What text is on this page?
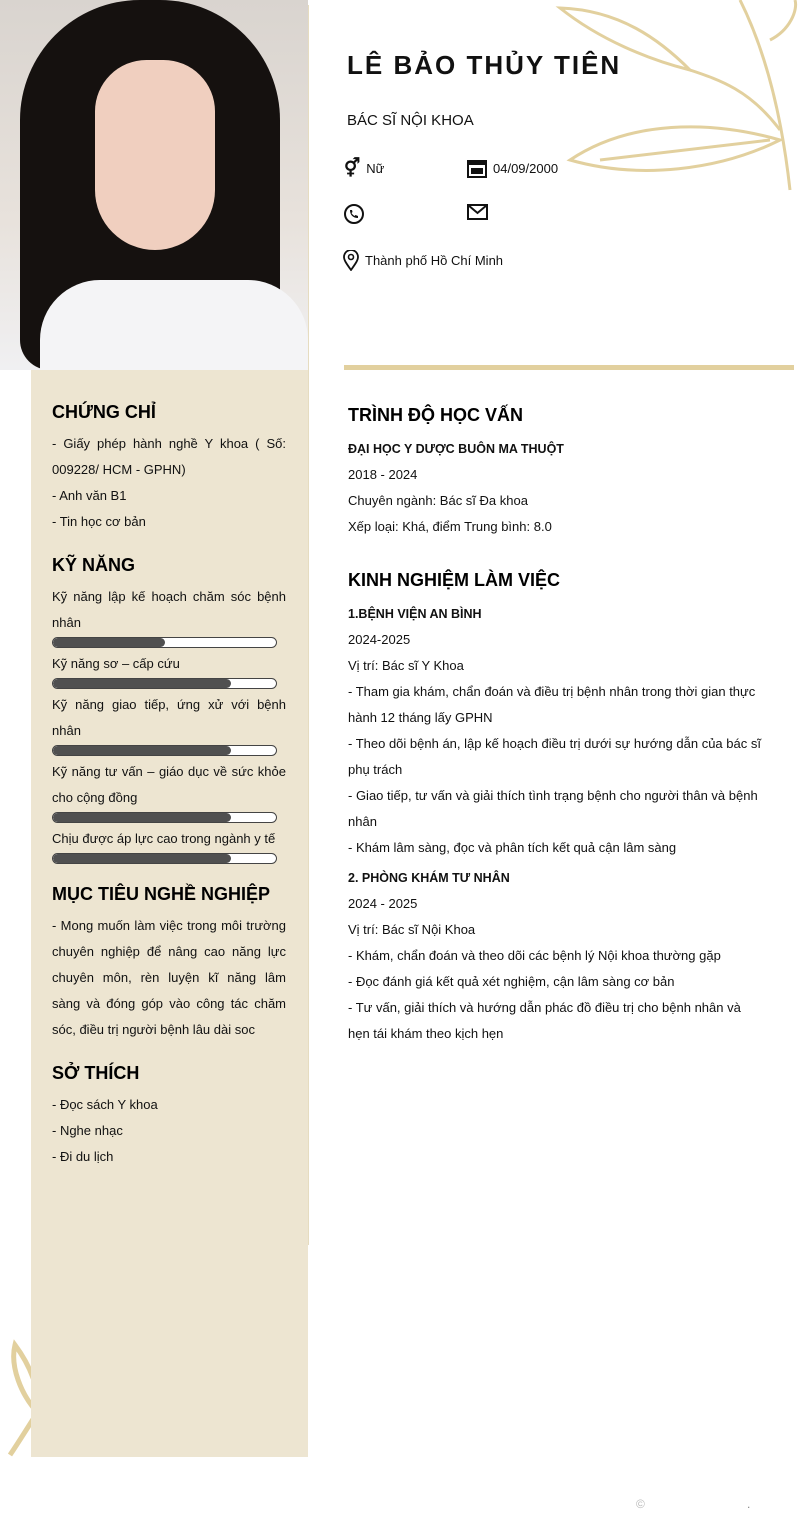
CHỨNG CHỈ
- Giấy phép hành nghề Y khoa ( Số: 009228/ HCM - GPHN)
- Anh văn B1
- Tin học cơ bản
KỸ NĂNG
Kỹ năng lập kế hoạch chăm sóc bệnh nhân
Kỹ năng sơ – cấp cứu
Kỹ năng giao tiếp, ứng xử với bệnh nhân
Kỹ năng tư vấn – giáo dục về sức khỏe cho cộng đồng
Chịu được áp lực cao trong ngành y tế
MỤC TIÊU NGHỀ NGHIỆP
- Mong muốn làm việc trong môi trường chuyên nghiệp để nâng cao năng lực chuyên môn, rèn luyện kĩ năng lâm sàng và đóng góp vào công tác chăm sóc, điều trị người bệnh lâu dài soc
SỞ THÍCH
- Đọc sách Y khoa
- Nghe nhạc
- Đi du lịch
LÊ BẢO THỦY TIÊN
BÁC SĨ NỘI KHOA
⚥ Nữ	04/09/2000
Thành phố Hồ Chí Minh
TRÌNH ĐỘ HỌC VẤN
ĐẠI HỌC Y DƯỢC BUÔN MA THUỘT
2018 - 2024
Chuyên ngành: Bác sĩ Đa khoa
Xếp loại: Khá, điểm Trung bình: 8.0
KINH NGHIỆM LÀM VIỆC
1.BỆNH VIỆN AN BÌNH
2024-2025
Vị trí: Bác sĩ Y Khoa
- Tham gia khám, chẩn đoán và điều trị bệnh nhân trong thời gian thực hành 12 tháng lấy GPHN
- Theo dõi bệnh án, lập kế hoạch điều trị dưới sự hướng dẫn của bác sĩ phụ trách
- Giao tiếp, tư vấn và giải thích tình trạng bệnh cho người thân và bệnh nhân
- Khám lâm sàng, đọc và phân tích kết quả cận lâm sàng
2. PHÒNG KHÁM TƯ NHÂN
2024 - 2025
Vị trí: Bác sĩ Nội Khoa
- Khám, chẩn đoán và theo dõi các bệnh lý Nội khoa thường gặp
- Đọc đánh giá kết quả xét nghiệm, cận lâm sàng cơ bản
- Tư vấn, giải thích và hướng dẫn phác đồ điều trị cho bệnh nhân và hẹn tái khám theo kịch hẹn
©	.
